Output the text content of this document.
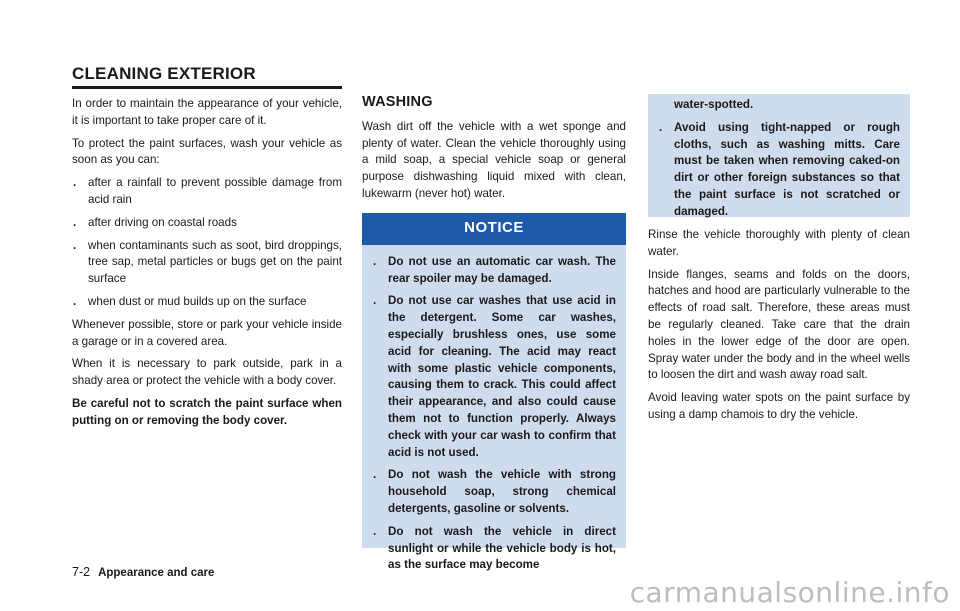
CLEANING EXTERIOR

In order to maintain the appearance of your vehicle, it is important to take proper care of it.

To protect the paint surfaces, wash your vehicle as soon as you can:

.	after a rainfall to prevent possible damage from acid rain
.	after driving on coastal roads
.	when contaminants such as soot, bird droppings, tree sap, metal particles or bugs get on the paint surface
.	when dust or mud builds up on the surface

Whenever possible, store or park your vehicle inside a garage or in a covered area.

When it is necessary to park outside, park in a shady area or protect the vehicle with a body cover.

Be careful not to scratch the paint surface when putting on or removing the body cover.

WASHING

Wash dirt off the vehicle with a wet sponge and plenty of water. Clean the vehicle thoroughly using a mild soap, a special vehicle soap or general purpose dishwashing liquid mixed with clean, lukewarm (never hot) water.

NOTICE
.	Do not use an automatic car wash. The rear spoiler may be damaged.
.	Do not use car washes that use acid in the detergent. Some car washes, especially brushless ones, use some acid for cleaning. The acid may react with some plastic vehicle components, causing them to crack. This could affect their appearance, and also could cause them not to function properly. Always check with your car wash to confirm that acid is not used.
.	Do not wash the vehicle with strong household soap, strong chemical detergents, gasoline or solvents.
.	Do not wash the vehicle in direct sunlight or while the vehicle body is hot, as the surface may become
water-spotted.
.	Avoid using tight-napped or rough cloths, such as washing mitts. Care must be taken when removing caked-on dirt or other foreign substances so that the paint surface is not scratched or damaged.

Rinse the vehicle thoroughly with plenty of clean water.

Inside flanges, seams and folds on the doors, hatches and hood are particularly vulnerable to the effects of road salt. Therefore, these areas must be regularly cleaned. Take care that the drain holes in the lower edge of the door are open. Spray water under the body and in the wheel wells to loosen the dirt and wash away road salt.

Avoid leaving water spots on the paint surface by using a damp chamois to dry the vehicle.

7-2 Appearance and care
carmanualsonline.info
